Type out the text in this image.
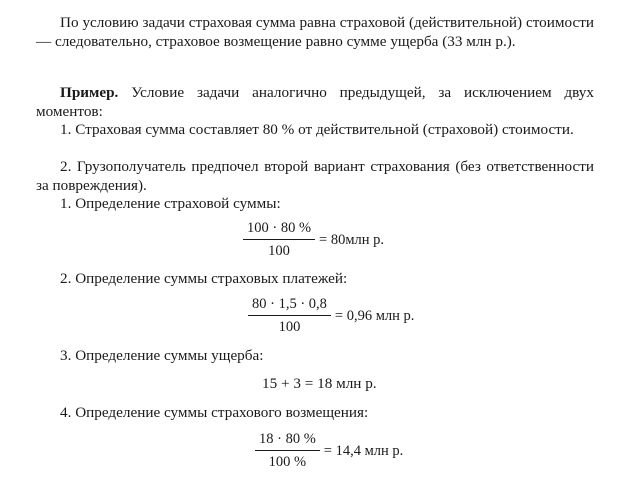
По условию задачи страховая сумма равна страховой (действительной) стоимости — следовательно, страховое возмещение равно сумме ущерба (33 млн р.).

Пример. Условие задачи аналогично предыдущей, за исключением двух моментов:

1. Страховая сумма составляет 80 % от действительной (страховой) стоимости.

2. Грузополучатель предпочел второй вариант страхования (без ответственности за повреждения).

1. Определение страховой суммы:

$\frac{100 \cdot 80 \%}{100} = 80млн$ р.

2. Определение суммы страховых платежей:

$\frac{80 \cdot 1,5 \cdot 0,8}{100} = 0,96$ млн р.

3. Определение суммы ущерба:

15 + 3 = 18 млн р.

4. Определение суммы страхового возмещения:

$\frac{18 \cdot 80 \%}{100 \%} = 14,4$ млн р.
